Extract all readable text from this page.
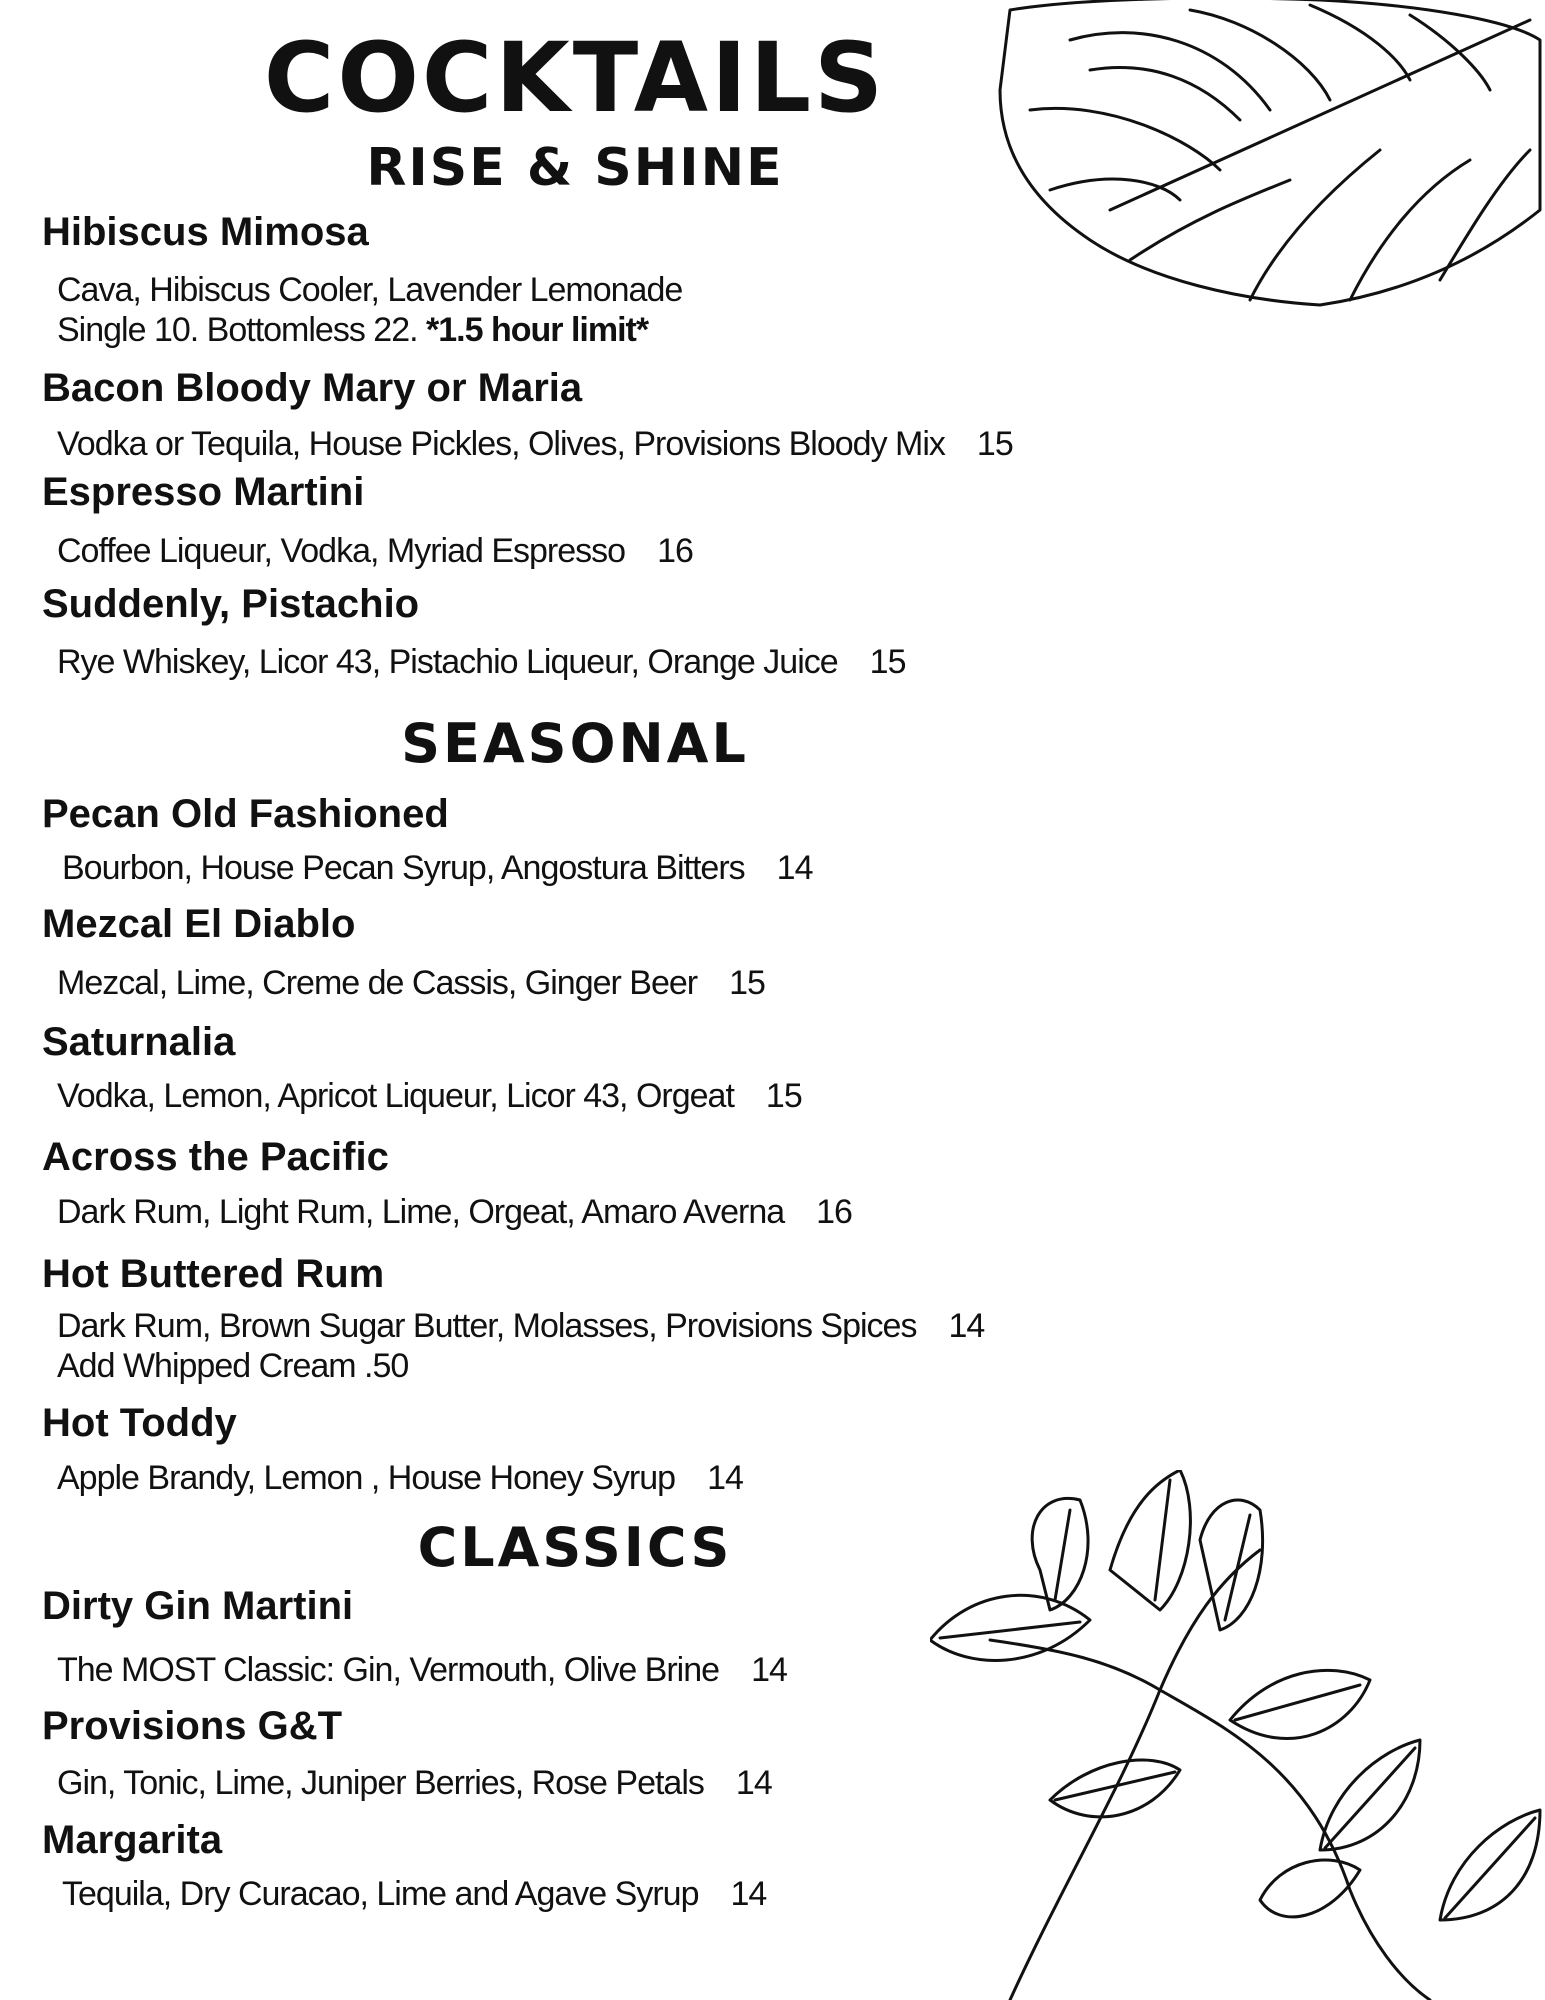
COCKTAILS
RISE & SHINE

Hibiscus Mimosa

Cava, Hibiscus Cooler, Lavender Lemonade

Single 10. Bottomless 22. *1.5 hour limit*

Bacon Bloody Mary or Maria

Vodka or Tequila, House Pickles, Olives, Provisions Bloody Mix 15

Espresso Martini

Coffee Liqueur, Vodka, Myriad Espresso 16

Suddenly, Pistachio

Rye Whiskey, Licor 43, Pistachio Liqueur, Orange Juice 15

SEASONAL

Pecan Old Fashioned

Bourbon, House Pecan Syrup, Angostura Bitters 14

Mezcal El Diablo

Mezcal, Lime, Creme de Cassis, Ginger Beer 15

Saturnalia

Vodka, Lemon, Apricot Liqueur, Licor 43, Orgeat 15

Across the Pacific

Dark Rum, Light Rum, Lime, Orgeat, Amaro Averna 16

Hot Buttered Rum

Dark Rum, Brown Sugar Butter, Molasses, Provisions Spices 14

Add Whipped Cream .50

Hot Toddy

Apple Brandy, Lemon , House Honey Syrup 14

CLASSICS

Dirty Gin Martini

The MOST Classic: Gin, Vermouth, Olive Brine 14

Provisions G&T

Gin, Tonic, Lime, Juniper Berries, Rose Petals 14

Margarita

Tequila, Dry Curacao, Lime and Agave Syrup 14
